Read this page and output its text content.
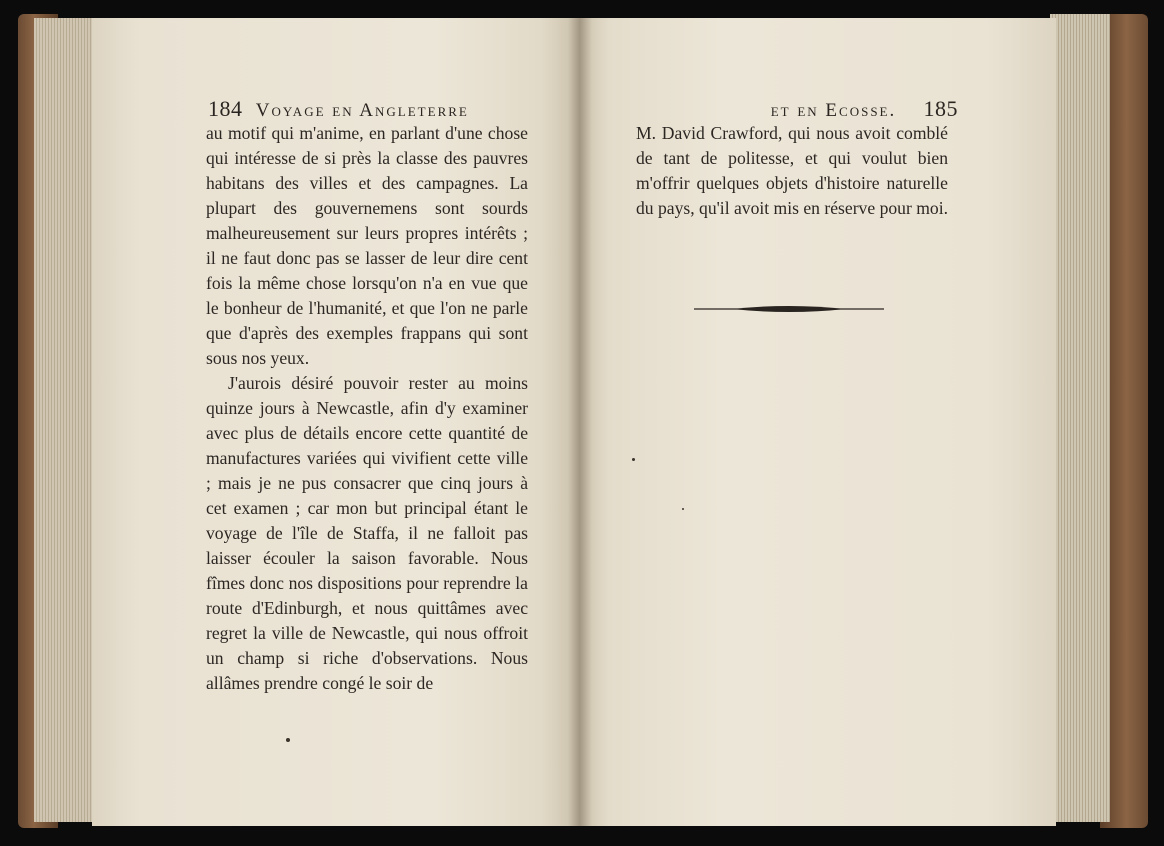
184 Voyage en Angleterre	et en Ecosse. 185

au motif qui m'anime, en parlant d'une chose qui intéresse de si près la classe des pauvres habitans des villes et des campagnes. La plupart des gouvernemens sont sourds malheureusement sur leurs propres intérêts ; il ne faut donc pas se lasser de leur dire cent fois la même chose lorsqu'on n'a en vue que le bonheur de l'humanité, et que l'on ne parle que d'après des exemples frappans qui sont sous nos yeux.

J'aurois désiré pouvoir rester au moins quinze jours à Newcastle, afin d'y examiner avec plus de détails encore cette quantité de manufactures variées qui vivifient cette ville ; mais je ne pus consacrer que cinq jours à cet examen ; car mon but principal étant le voyage de l'île de Staffa, il ne falloit pas laisser écouler la saison favorable. Nous fîmes donc nos dispositions pour reprendre la route d'Edinburgh, et nous quittâmes avec regret la ville de Newcastle, qui nous offroit un champ si riche d'observations. Nous allâmes prendre congé le soir de

M. David Crawford, qui nous avoit comblé de tant de politesse, et qui voulut bien m'offrir quelques objets d'histoire naturelle du pays, qu'il avoit mis en réserve pour moi.
